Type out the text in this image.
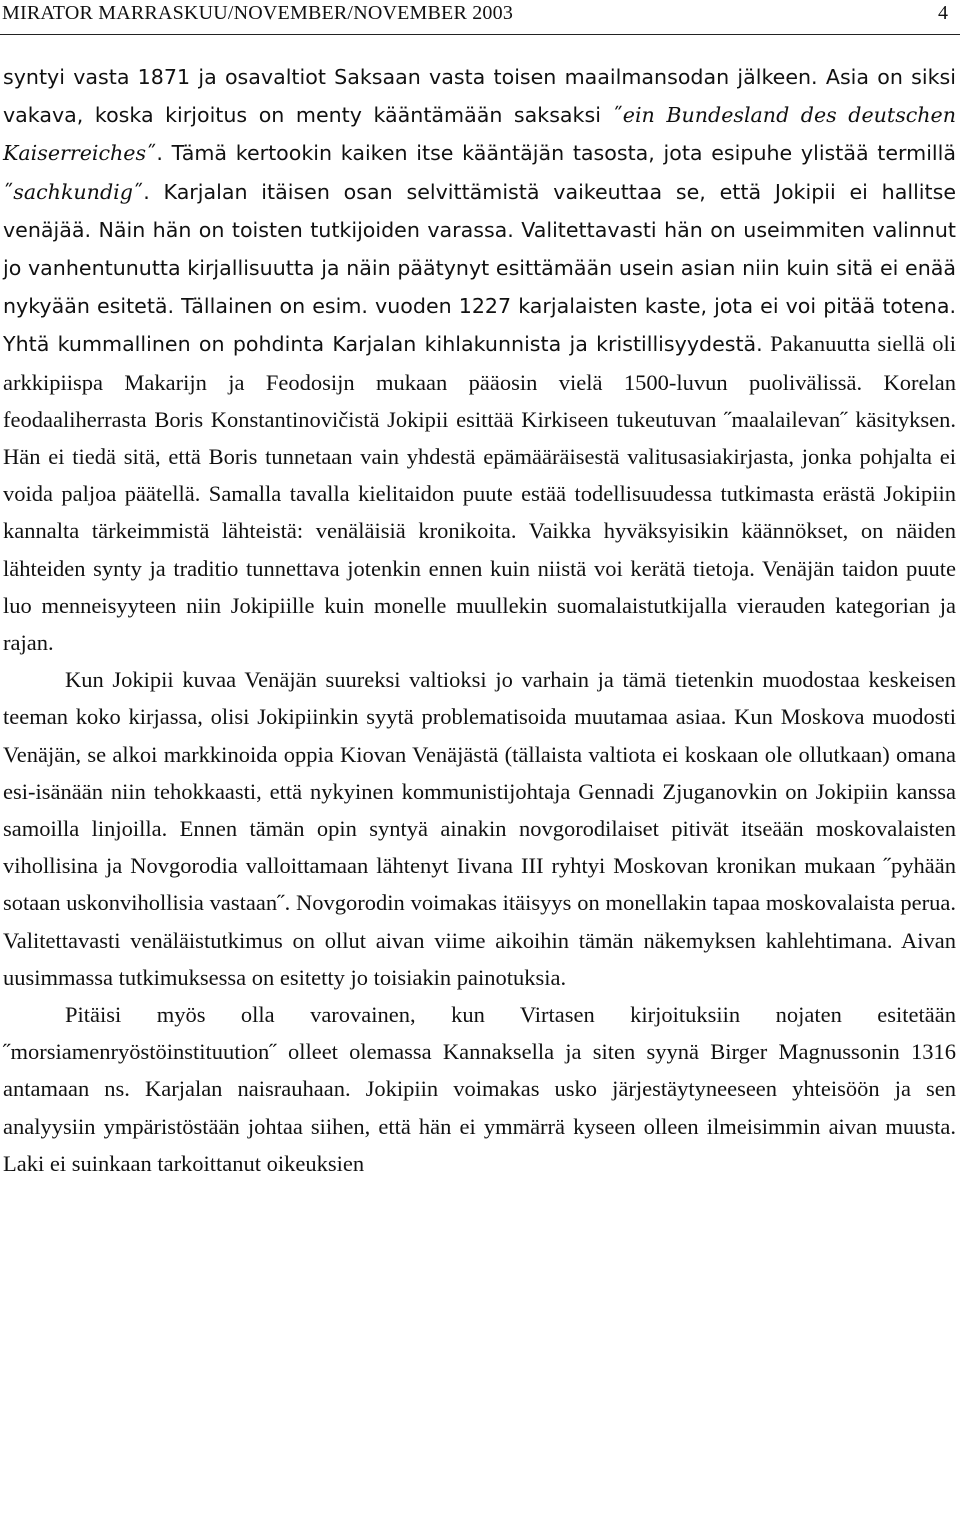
MIRATOR MARRASKUU/NOVEMBER/NOVEMBER 2003	4

syntyi vasta 1871 ja osavaltiot Saksaan vasta toisen maailmansodan jälkeen. Asia on siksi vakava, koska kirjoitus on menty kääntämään saksaksi ˝ein Bundesland des deutschen Kaiserreiches˝. Tämä kertookin kaiken itse kääntäjän tasosta, jota esipuhe ylistää termillä ˝sachkundig˝. Karjalan itäisen osan selvittämistä vaikeuttaa se, että Jokipii ei hallitse venäjää. Näin hän on toisten tutkijoiden varassa. Valitettavasti hän on useimmiten valinnut jo vanhentunutta kirjallisuutta ja näin päätynyt esittämään usein asian niin kuin sitä ei enää nykyään esitetä. Tällainen on esim. vuoden 1227 karjalaisten kaste, jota ei voi pitää totena. Yhtä kummallinen on pohdinta Karjalan kihlakunnista ja kristillisyydestä. Pakanuutta siellä oli arkkipiispa Makarijn ja Feodosijn mukaan pääosin vielä 1500-luvun puolivälissä. Korelan feodaaliherrasta Boris Konstantinovičistä Jokipii esittää Kirkiseen tukeutuvan ˝maalailevan˝ käsityksen. Hän ei tiedä sitä, että Boris tunnetaan vain yhdestä epämääräisestä valitusasiakirjasta, jonka pohjalta ei voida paljoa päätellä. Samalla tavalla kielitaidon puute estää todellisuudessa tutkimasta erästä Jokipiin kannalta tärkeimmistä lähteistä: venäläisiä kronikoita. Vaikka hyväksyisikin käännökset, on näiden lähteiden synty ja traditio tunnettava jotenkin ennen kuin niistä voi kerätä tietoja. Venäjän taidon puute luo menneisyyteen niin Jokipiille kuin monelle muullekin suomalaistutkijalla vierauden kategorian ja rajan.

Kun Jokipii kuvaa Venäjän suureksi valtioksi jo varhain ja tämä tietenkin muodostaa keskeisen teeman koko kirjassa, olisi Jokipiinkin syytä problematisoida muutamaa asiaa. Kun Moskova muodosti Venäjän, se alkoi markkinoida oppia Kiovan Venäjästä (tällaista valtiota ei koskaan ole ollutkaan) omana esi-isänään niin tehokkaasti, että nykyinen kommunistijohtaja Gennadi Zjuganovkin on Jokipiin kanssa samoilla linjoilla. Ennen tämän opin syntyä ainakin novgorodilaiset pitivät itseään moskovalaisten vihollisina ja Novgorodia valloittamaan lähtenyt Iivana III ryhtyi Moskovan kronikan mukaan ˝pyhään sotaan uskonvihollisia vastaan˝. Novgorodin voimakas itäisyys on monellakin tapaa moskovalaista perua. Valitettavasti venäläistutkimus on ollut aivan viime aikoihin tämän näkemyksen kahlehtimana. Aivan uusimmassa tutkimuksessa on esitetty jo toisiakin painotuksia.

Pitäisi myös olla varovainen, kun Virtasen kirjoituksiin nojaten esitetään ˝morsiamenryöstöinstituution˝ olleet olemassa Kannaksella ja siten syynä Birger Magnussonin 1316 antamaan ns. Karjalan naisrauhaan. Jokipiin voimakas usko järjestäytyneeseen yhteisöön ja sen analyysiin ympäristöstään johtaa siihen, että hän ei ymmärrä kyseen olleen ilmeisimmin aivan muusta. Laki ei suinkaan tarkoittanut oikeuksien
